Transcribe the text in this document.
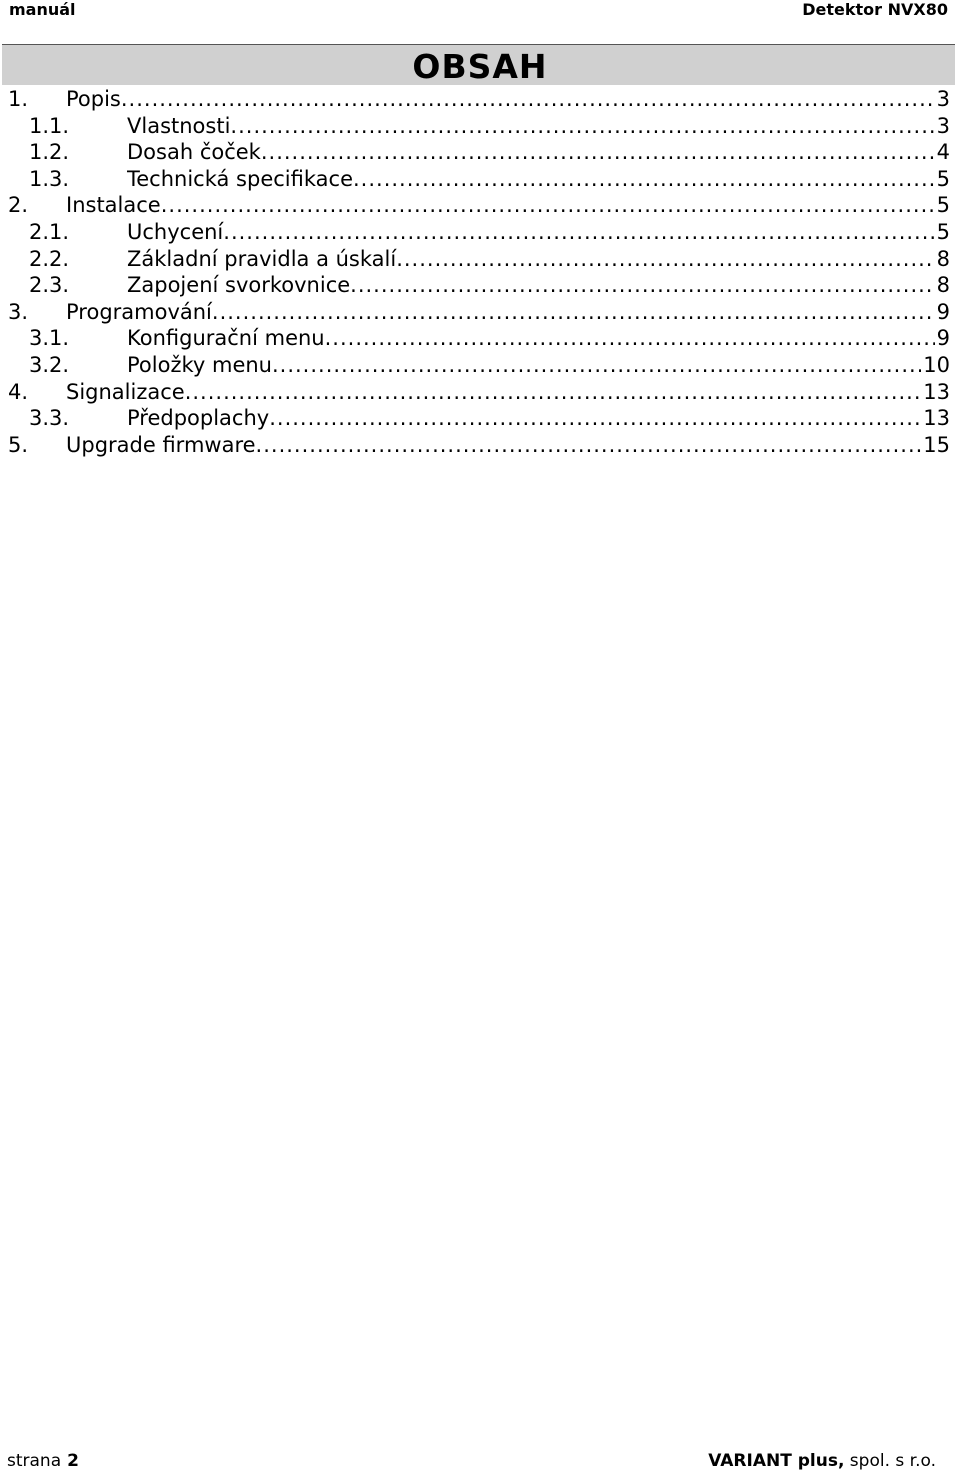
manuál	Detektor NVX80
OBSAH
1. Popis .....	3
1.1.	Vlastnosti .....	3
1.2.	Dosah čoček .....	4
1.3.	Technická specifikace .....	5
2. Instalace .....	5
2.1.	Uchycení .....	5
2.2.	Základní pravidla a úskalí .....	8
2.3.	Zapojení svorkovnice .....	8
3. Programování .....	9
3.1.	Konfigurační menu .....	9
3.2.	Položky menu .....	10
4. Signalizace .....	13
3.3.	Předpoplachy .....	13
5. Upgrade firmware .....	15
strana 2	VARIANT plus, spol. s r.o.
